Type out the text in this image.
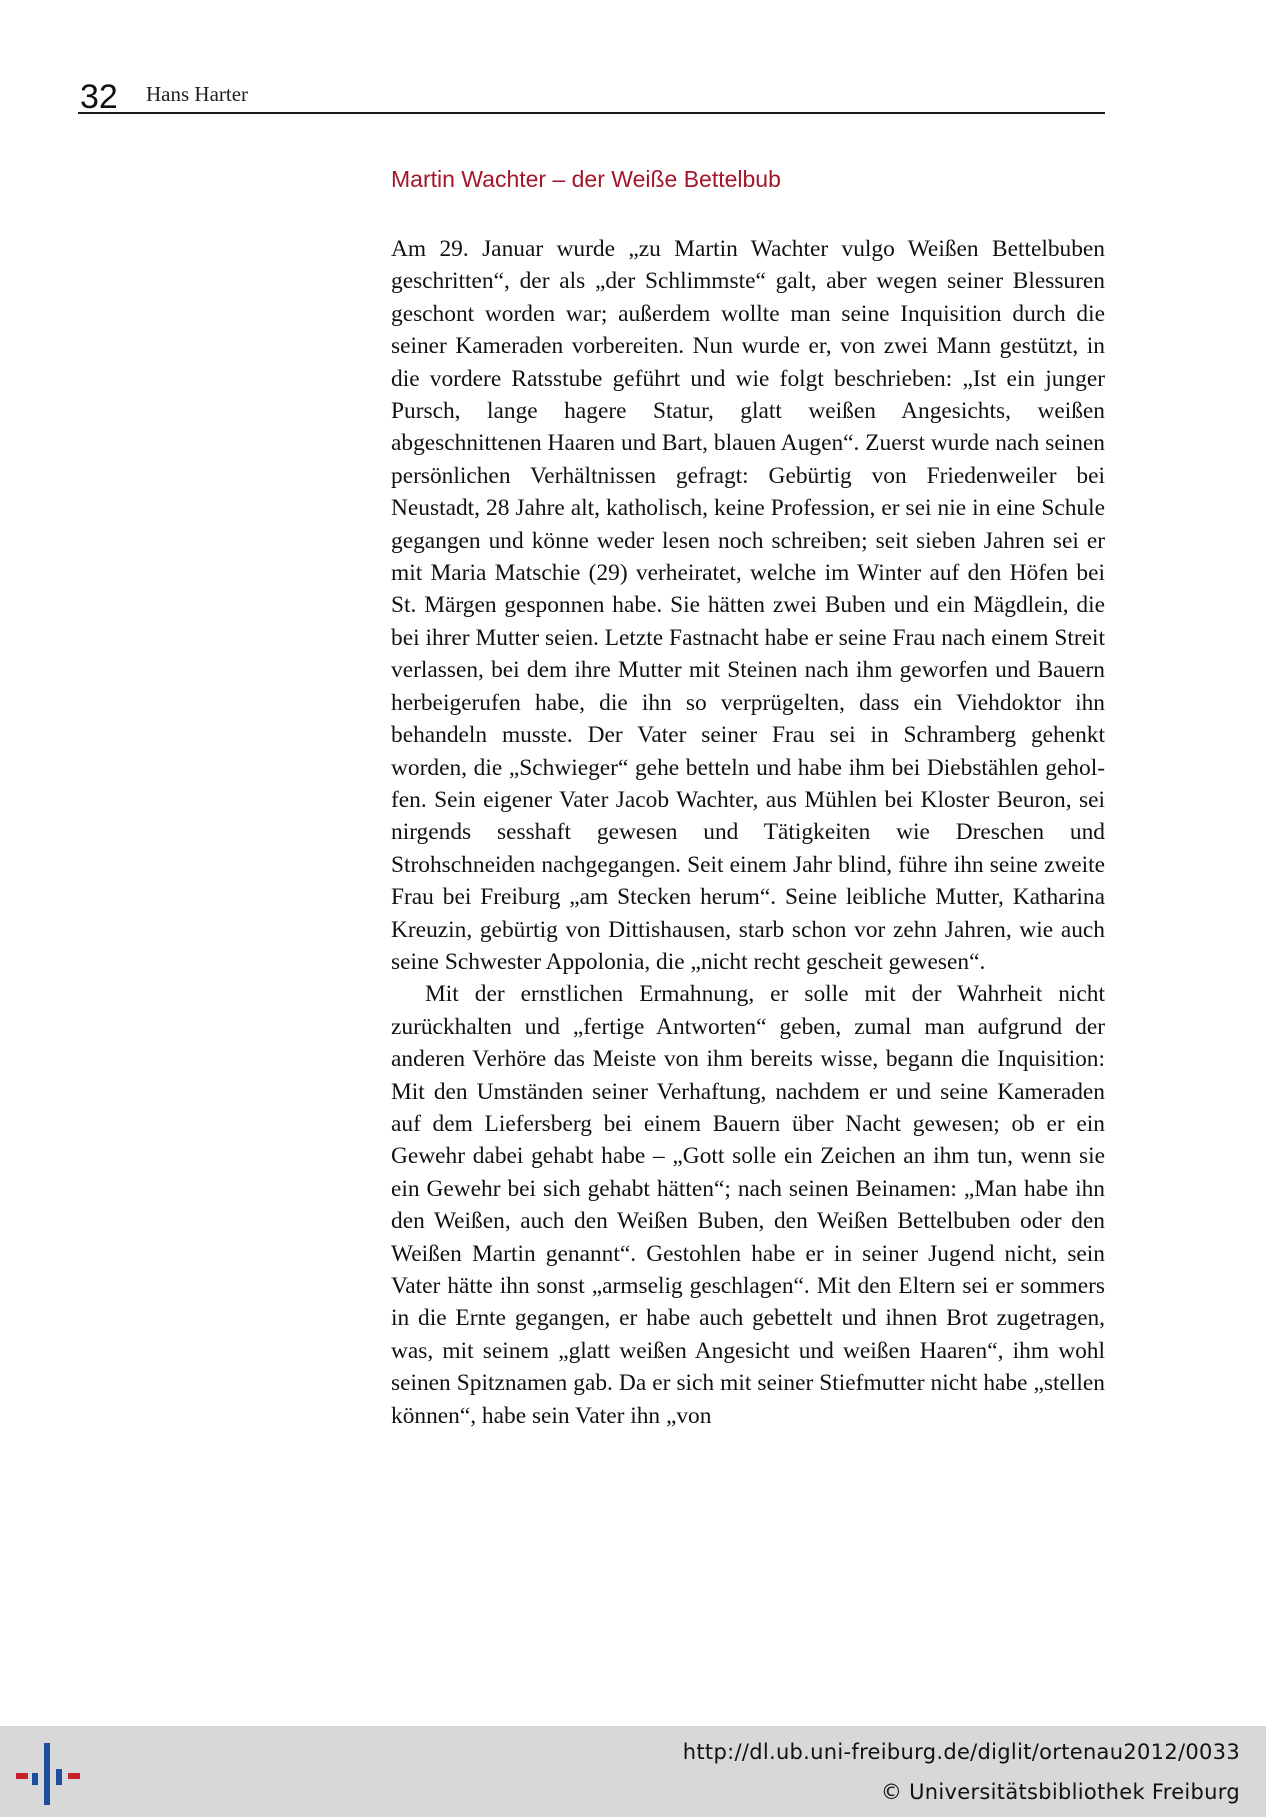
32 Hans Harter
Martin Wachter – der Weiße Bettelbub

Am 29. Januar wurde „zu Martin Wachter vulgo Weißen Bettelbuben geschritten“, der als „der Schlimmste“ galt, aber wegen seiner Blessuren geschont worden war; außerdem wollte man seine Inquisition durch die seiner Kameraden vorbereiten. Nun wurde er, von zwei Mann gestützt, in die vordere Ratsstube geführt und wie folgt beschrieben: „Ist ein junger Pursch, lange hagere Statur, glatt weißen Angesichts, weißen abgeschnittenen Haaren und Bart, blauen Augen“. Zuerst wurde nach seinen persönlichen Verhältnissen gefragt: Gebürtig von Friedenweiler bei Neustadt, 28 Jahre alt, katholisch, keine Profession, er sei nie in eine Schule gegangen und könne weder lesen noch schreiben; seit sieben Jahren sei er mit Maria Matschie (29) verheiratet, welche im Winter auf den Höfen bei St. Märgen gesponnen habe. Sie hätten zwei Buben und ein Mägdlein, die bei ihrer Mutter seien. Letzte Fastnacht habe er seine Frau nach einem Streit verlassen, bei dem ihre Mutter mit Steinen nach ihm geworfen und Bauern herbeigerufen habe, die ihn so verprügelten, dass ein Viehdoktor ihn behandeln musste. Der Vater seiner Frau sei in Schramberg gehenkt worden, die „Schwieger“ gehe betteln und habe ihm bei Diebstählen geholfen. Sein eigener Vater Jacob Wachter, aus Mühlen bei Kloster Beuron, sei nirgends sesshaft gewesen und Tätigkeiten wie Dreschen und Strohschneiden nachgegangen. Seit einem Jahr blind, führe ihn seine zweite Frau bei Freiburg „am Stecken herum“. Seine leibliche Mutter, Katharina Kreuzin, gebürtig von Dittishausen, starb schon vor zehn Jahren, wie auch seine Schwester Appolonia, die „nicht recht gescheit gewesen“.

Mit der ernstlichen Ermahnung, er solle mit der Wahrheit nicht zurückhalten und „fertige Antworten“ geben, zumal man aufgrund der anderen Verhöre das Meiste von ihm bereits wisse, begann die Inquisition: Mit den Umständen seiner Verhaftung, nachdem er und seine Kameraden auf dem Liefersberg bei einem Bauern über Nacht gewesen; ob er ein Gewehr dabei gehabt habe – „Gott solle ein Zeichen an ihm tun, wenn sie ein Gewehr bei sich gehabt hätten“; nach seinen Beinamen: „Man habe ihn den Weißen, auch den Weißen Buben, den Weißen Bettelbuben oder den Weißen Martin genannt“. Gestohlen habe er in seiner Jugend nicht, sein Vater hätte ihn sonst „armselig geschlagen“. Mit den Eltern sei er sommers in die Ernte gegangen, er habe auch gebettelt und ihnen Brot zugetragen, was, mit seinem „glatt weißen Angesicht und weißen Haaren“, ihm wohl seinen Spitznamen gab. Da er sich mit seiner Stiefmutter nicht habe „stellen können“, habe sein Vater ihn „von

http://dl.ub.uni-freiburg.de/diglit/ortenau2012/0033
© Universitätsbibliothek Freiburg
